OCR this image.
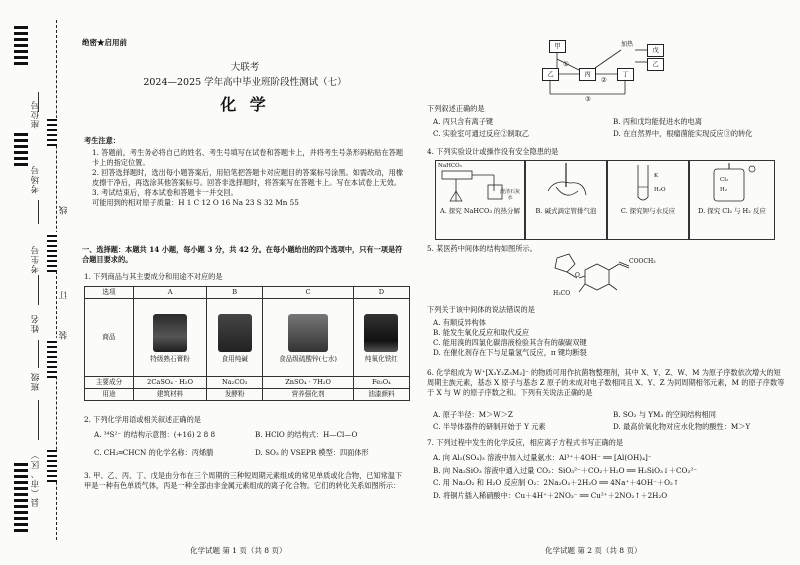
座位号
考场号
线
考生号
订
姓名
装
班级
县（市、区）
绝密★启用前
大联考
2024—2025 学年高中毕业班阶段性测试（七）
化 学
考生注意：
1. 答题前，考生务必将自己的姓名、考生号填写在试卷和答题卡上，并将考生号条形码粘贴在答题卡上的指定位置。
2. 回答选择题时，选出每小题答案后，用铅笔把答题卡对应题目的答案标号涂黑。如需改动，用橡皮擦干净后，再选涂其他答案标号。回答非选择题时，将答案写在答题卡上。写在本试卷上无效。
3. 考试结束后，将本试卷和答题卡一并交回。
可能用到的相对原子质量：H 1 C 12 O 16 Na 23 S 32 Mn 55
一、选择题：本题共 14 小题，每小题 3 分，共 42 分。在每小题给出的四个选项中，只有一项是符合题目要求的。
1. 下列商品与其主要成分和用途不对应的是
选项	A	B	C	D
商品	特级熟石膏粉	食用纯碱	食品级硫酸锌(七水)	纯氧化铁红

主要成分	2CaSO₄ · H₂O	Na₂CO₃	ZnSO₄ · 7H₂O	Fe₃O₄
用途	建筑材料	发酵粉	营养强化剂	油漆颜料
2. 下列化学用语或相关叙述正确的是
A. ³⁴S²⁻ 的结构示意图：(+16) 2 8 8	B. HClO 的结构式：H—Cl—O
C. CH₂═CHCN 的化学名称：丙烯腈	D. SO₃ 的 VSEPR 模型：四面体形
3. 甲、乙、丙、丁、戊是由分布在三个周期的三种短周期元素组成的常见单质或化合物，已知常温下甲是一种有色单质气体，丙是一种全部由非金属元素组成的离子化合物。它们的转化关系如图所示：
化学试题 第 1 页（共 8 页）
甲
乙	丙	丁
戊
乙
加热
①
②
③
下列叙述正确的是
A. 丙只含有离子键	B. 丙和戊均能促进水的电离
C. 实验室可通过反应②制取乙	D. 在自然界中，根瘤菌能实现反应③的转化
4. 下列实验设计或操作没有安全隐患的是
NaHCO₃
澄清石灰水
A. 探究 NaHCO₃ 的热分解	B. 碱式滴定管排气泡
K
H₂O
C. 探究钾与水反应
Cl₂
H₂
D. 探究 Cl₂ 与 H₂ 反应
5. 某医药中间体的结构如图所示。
O
COOCH₃
H₃CO
下列关于该中间体的说法错误的是
A. 有顺反异构体
B. 能发生氧化反应和取代反应
C. 能用溴的四氯化碳溶液检验其含有的碳碳双键
D. 在催化剂存在下与足量氢气反应，π 键均断裂
6. 化学组成为 W⁺[X₃Y₂Z₃M₂]⁻ 的物质可用作抗菌物整理剂，其中 X、Y、Z、W、M 为原子序数依次增大的短周期主族元素，基态 X 原子与基态 Z 原子的未成对电子数相同且 X、Y、Z 为同周期相邻元素，M 的原子序数等于 X 与 W 的原子序数之和。下列有关说法正确的是
A. 原子半径：M＞W＞Z	B. SO₂ 与 YM₃ 的空间结构相同
C. 半导体器件的研制开始于 Y 元素	D. 最高价氧化物对应水化物的酸性：M＞Y
7. 下列过程中发生的化学反应，相应离子方程式书写正确的是
A. 向 Al₂(SO₄)₃ 溶液中加入过量氨水：Al³⁺＋4OH⁻ ══ [Al(OH)₄]⁻
B. 向 Na₂SiO₃ 溶液中通入过量 CO₂：SiO₃²⁻＋CO₂＋H₂O ══ H₂SiO₃↓＋CO₃²⁻
C. 用 Na₂O₂ 和 H₂O 反应制 O₂：2Na₂O₂＋2H₂O ══ 4Na⁺＋4OH⁻＋O₂↑
D. 将铜片插入稀硝酸中：Cu＋4H⁺＋2NO₃⁻ ══ Cu²⁺＋2NO₂↑＋2H₂O
化学试题 第 2 页（共 8 页）
